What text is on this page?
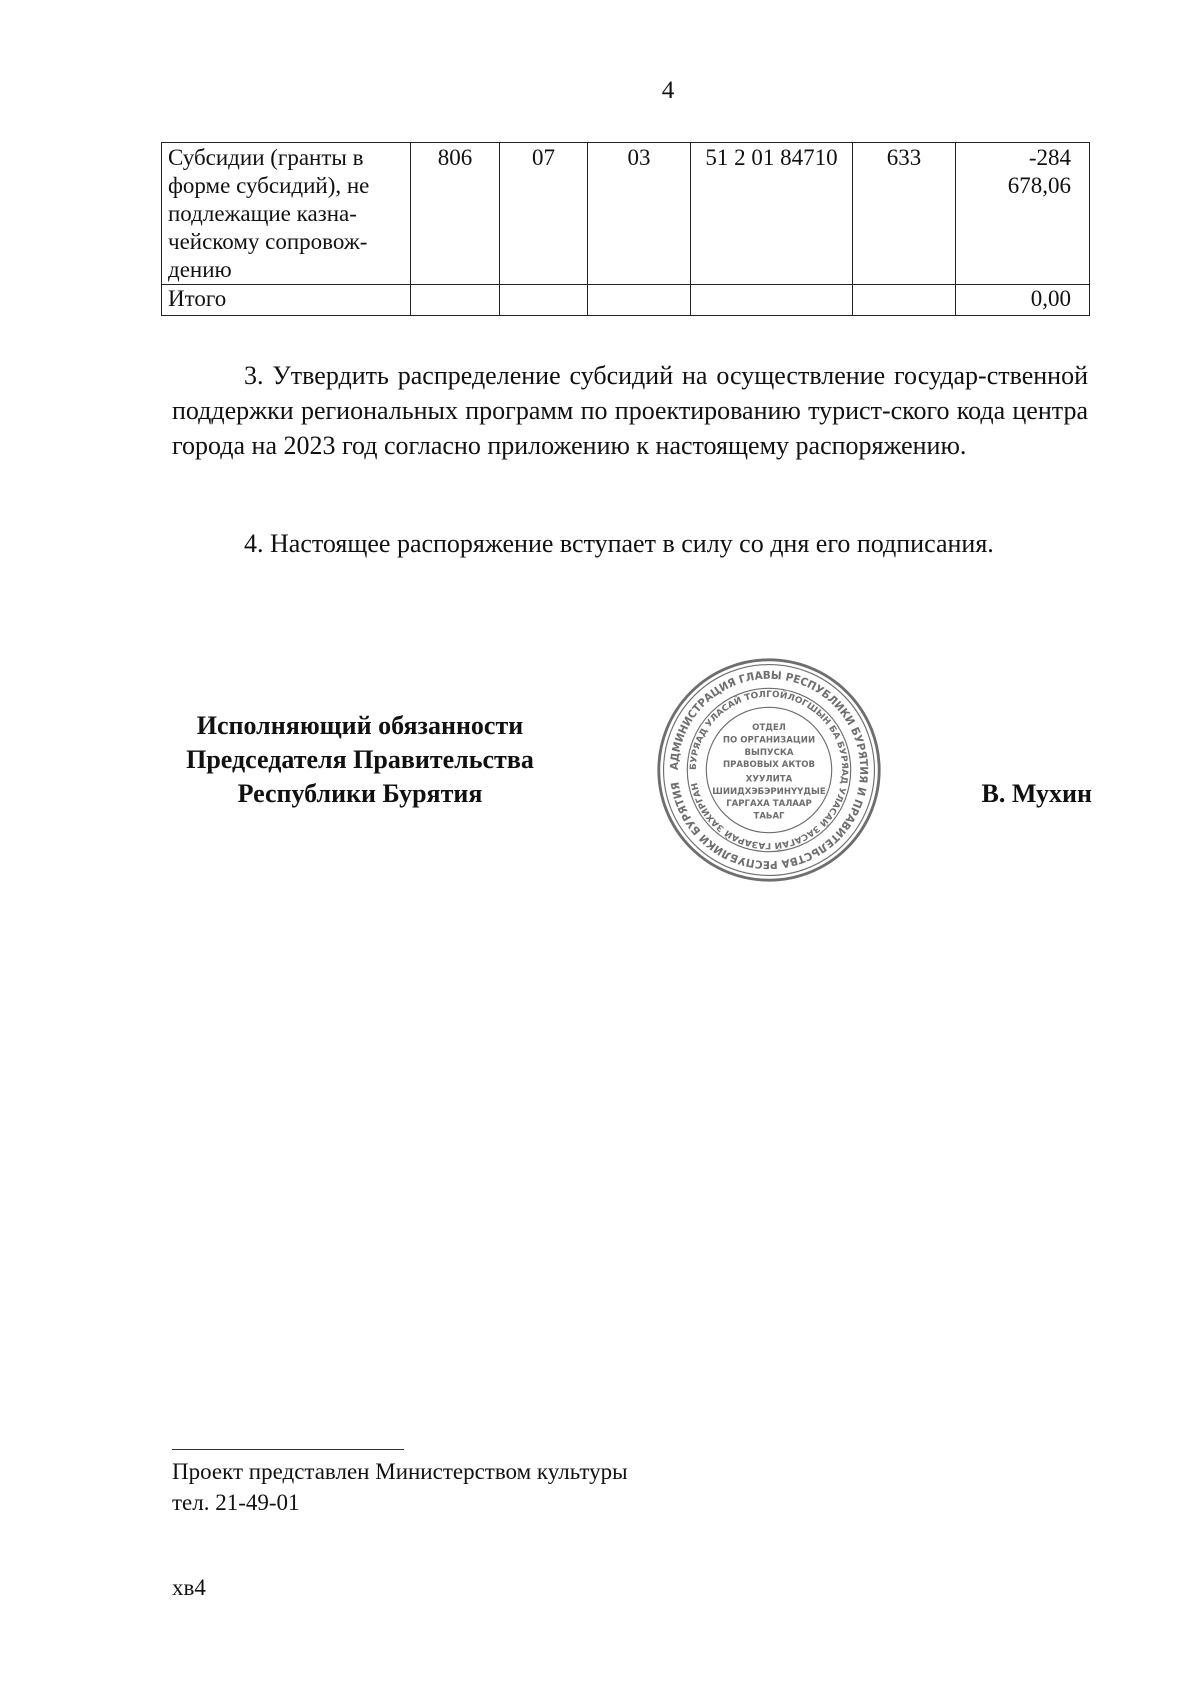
4
Субсидии (гранты в форме субсидий), не подлежащие казна-чейскому сопровож-дению	806	07	03	51 2 01 84710	633	-284 678,06
Итого						0,00

3. Утвердить распределение субсидий на осуществление государ-ственной поддержки региональных программ по проектированию турист-ского кода центра города на 2023 год согласно приложению к настоящему распоряжению.

4. Настоящее распоряжение вступает в силу со дня его подписания.

Исполняющий обязанности
Председателя Правительства
Республики Бурятия
АДМИНИСТРАЦИЯ ГЛАВЫ РЕСПУБЛИКИ БУРЯТИЯ И ПРАВИТЕЛЬСТВА РЕСПУБЛИКИ БУРЯТИЯ
БУРЯАД УЛАСАЙ ТОЛГОЙЛОГШЫН БА БУРЯАД УЛАСАЙ ЗАСАГАЙ ГАЗАРАЙ ЗАХИРГАН
ОТДЕЛ
ПО ОРГАНИЗАЦИИ
ВЫПУСКА
ПРАВОВЫХ АКТОВ
ХУУЛИТА
ШИИДХЭБЭРИНҮҮДЫЕ
ГАРГАХА ТАЛААР
ТАЬАГ
В. Мухин
Проект представлен Министерством культуры
тел. 21-49-01
хв4
